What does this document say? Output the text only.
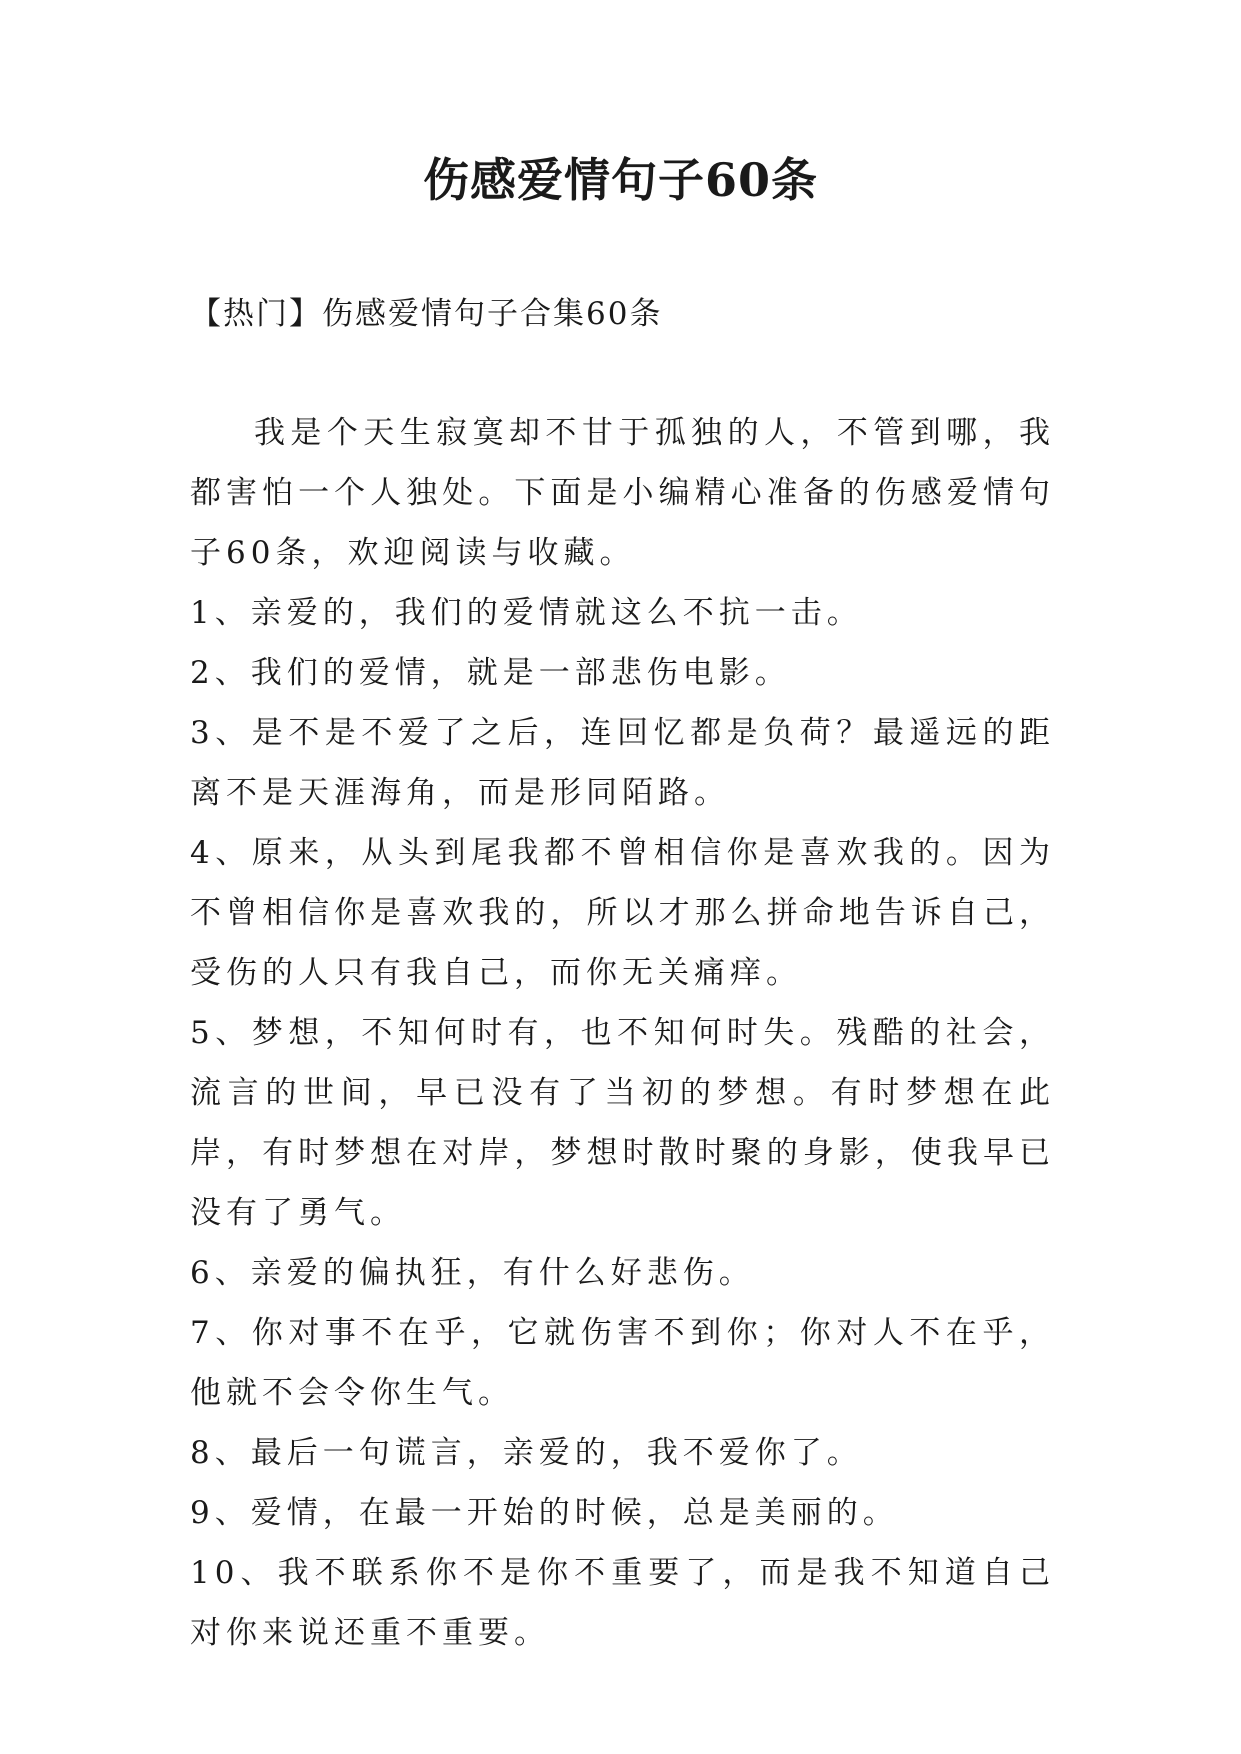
伤感爱情句子60条
【热门】伤感爱情句子合集60条

我是个天生寂寞却不甘于孤独的人，不管到哪，我都害怕一个人独处。下面是小编精心准备的伤感爱情句子60条，欢迎阅读与收藏。

1、亲爱的，我们的爱情就这么不抗一击。

2、我们的爱情，就是一部悲伤电影。

3、是不是不爱了之后，连回忆都是负荷？最遥远的距离不是天涯海角，而是形同陌路。

4、原来，从头到尾我都不曾相信你是喜欢我的。因为不曾相信你是喜欢我的，所以才那么拼命地告诉自己，受伤的人只有我自己，而你无关痛痒。

5、梦想，不知何时有，也不知何时失。残酷的社会，流言的世间，早已没有了当初的梦想。有时梦想在此岸，有时梦想在对岸，梦想时散时聚的身影，使我早已没有了勇气。

6、亲爱的偏执狂，有什么好悲伤。

7、你对事不在乎，它就伤害不到你；你对人不在乎，他就不会令你生气。

8、最后一句谎言，亲爱的，我不爱你了。

9、爱情，在最一开始的时候，总是美丽的。

10、我不联系你不是你不重要了，而是我不知道自己对你来说还重不重要。
